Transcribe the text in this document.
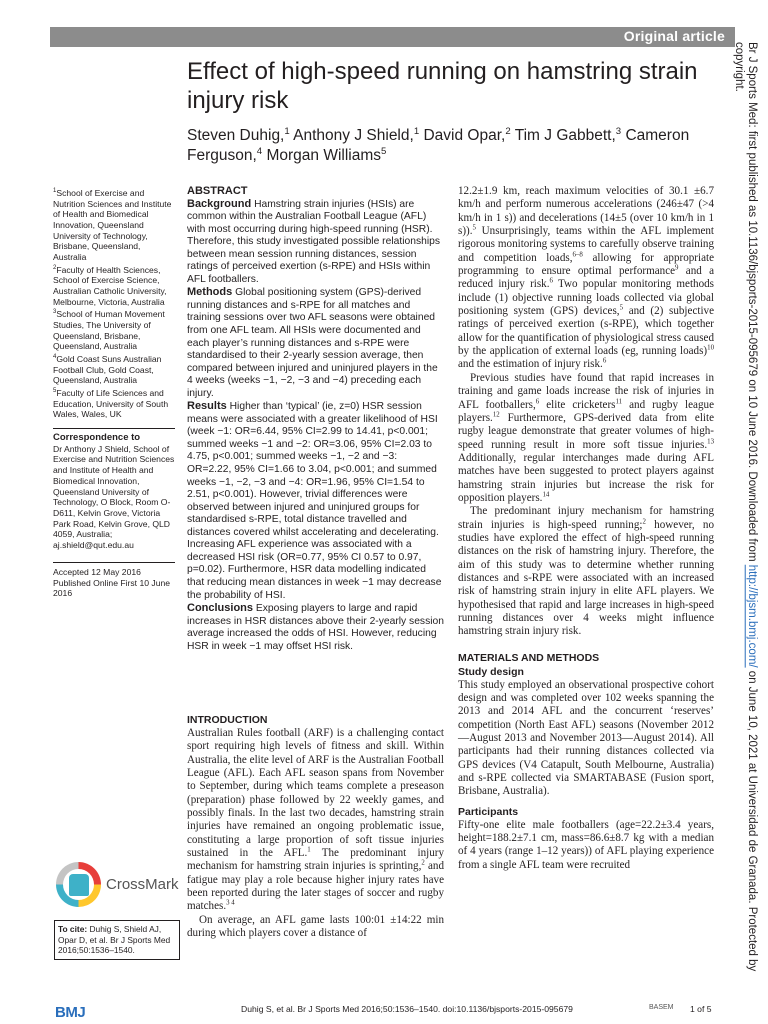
Original article
Effect of high-speed running on hamstring strain injury risk

Steven Duhig,$^1$ Anthony J Shield,$^1$ David Opar,$^2$ Tim J Gabbett,$^3$ Cameron Ferguson,$^4$ Morgan Williams$^5$

$^1$School of Exercise and Nutrition Sciences and Institute of Health and Biomedical Innovation, Queensland University of Technology, Brisbane, Queensland, Australia

$^2$Faculty of Health Sciences, School of Exercise Science, Australian Catholic University, Melbourne, Victoria, Australia

$^3$School of Human Movement Studies, The University of Queensland, Brisbane, Queensland, Australia

$^4$Gold Coast Suns Australian Football Club, Gold Coast, Queensland, Australia

$^5$Faculty of Life Sciences and Education, University of South Wales, Wales, UK

Correspondence to

Dr Anthony J Shield, School of Exercise and Nutrition Sciences and Institute of Health and Biomedical Innovation, Queensland University of Technology, O Block, Room O-D611, Kelvin Grove, Victoria Park Road, Kelvin Grove, QLD 4059, Australia; aj.shield@qut.edu.au

Accepted 12 May 2016

Published Online First 10 June 2016

CrossMark
To cite: Duhig S, Shield AJ, Opar D, et al. Br J Sports Med 2016;50:1536–1540.
BMJ

ABSTRACT

Background Hamstring strain injuries (HSIs) are common within the Australian Football League (AFL) with most occurring during high-speed running (HSR). Therefore, this study investigated possible relationships between mean session running distances, session ratings of perceived exertion (s-RPE) and HSIs within AFL footballers.

Methods Global positioning system (GPS)-derived running distances and s-RPE for all matches and training sessions over two AFL seasons were obtained from one AFL team. All HSIs were documented and each player’s running distances and s-RPE were standardised to their 2-yearly session average, then compared between injured and uninjured players in the 4 weeks (weeks −1, −2, −3 and −4) preceding each injury.

Results Higher than ‘typical’ (ie, z=0) HSR session means were associated with a greater likelihood of HSI (week −1: OR=6.44, 95% CI=2.99 to 14.41, p<0.001; summed weeks −1 and −2: OR=3.06, 95% CI=2.03 to 4.75, p<0.001; summed weeks −1, −2 and −3: OR=2.22, 95% CI=1.66 to 3.04, p<0.001; and summed weeks −1, −2, −3 and −4: OR=1.96, 95% CI=1.54 to 2.51, p<0.001). However, trivial differences were observed between injured and uninjured groups for standardised s-RPE, total distance travelled and distances covered whilst accelerating and decelerating. Increasing AFL experience was associated with a decreased HSI risk (OR=0.77, 95% CI 0.57 to 0.97, p=0.02). Furthermore, HSR data modelling indicated that reducing mean distances in week −1 may decrease the probability of HSI.

Conclusions Exposing players to large and rapid increases in HSR distances above their 2-yearly session average increased the odds of HSI. However, reducing HSR in week −1 may offset HSI risk.

INTRODUCTION

Australian Rules football (ARF) is a challenging contact sport requiring high levels of fitness and skill. Within Australia, the elite level of ARF is the Australian Football League (AFL). Each AFL season spans from November to September, during which teams complete a preseason (preparation) phase followed by 22 weekly games, and possibly finals. In the last two decades, hamstring strain injuries have remained an ongoing problematic issue, constituting a large proportion of soft tissue injuries sustained in the AFL.$^1$ The predominant injury mechanism for hamstring strain injuries is sprinting,$^2$ and fatigue may play a role because higher injury rates have been reported during the later stages of soccer and rugby matches.$^{3 4}$

On average, an AFL game lasts 100:01 ±14:22 min during which players cover a distance of

12.2±1.9 km, reach maximum velocities of 30.1 ±6.7 km/h and perform numerous accelerations (246±47 (>4 km/h in 1 s)) and decelerations (14±5 (over 10 km/h in 1 s)).$^5$ Unsurprisingly, teams within the AFL implement rigorous monitoring systems to carefully observe training and competition loads,$^{6-8}$ allowing for appropriate programming to ensure optimal performance$^9$ and a reduced injury risk.$^6$ Two popular monitoring methods include (1) objective running loads collected via global positioning system (GPS) devices,$^5$ and (2) subjective ratings of perceived exertion (s-RPE), which together allow for the quantification of physiological stress caused by the application of external loads (eg, running loads)$^{10}$ and the estimation of injury risk.$^6$

Previous studies have found that rapid increases in training and game loads increase the risk of injuries in AFL footballers,$^6$ elite cricketers$^{11}$ and rugby league players.$^{12}$ Furthermore, GPS-derived data from elite rugby league demonstrate that greater volumes of high-speed running result in more soft tissue injuries.$^{13}$ Additionally, regular interchanges made during AFL matches have been suggested to protect players against hamstring strain injuries but increase the risk for opposition players.$^{14}$

The predominant injury mechanism for hamstring strain injuries is high-speed running;$^2$ however, no studies have explored the effect of high-speed running distances on the risk of hamstring injury. Therefore, the aim of this study was to determine whether running distances and s-RPE were associated with an increased risk of hamstring strain injury in elite AFL players. We hypothesised that rapid and large increases in high-speed running distances over 4 weeks might influence hamstring strain injury risk.

MATERIALS AND METHODS

Study design

This study employed an observational prospective cohort design and was completed over 102 weeks spanning the 2013 and 2014 AFL and the concurrent ‘reserves’ competition (North East AFL) seasons (November 2012—August 2013 and November 2013—August 2014). All participants had their running distances collected via GPS devices (V4 Catapult, South Melbourne, Australia) and s-RPE collected via SMARTABASE (Fusion sport, Brisbane, Australia).

Participants

Fifty-one elite male footballers (age=22.2±3.4 years, height=188.2±7.1 cm, mass=86.6±8.7 kg with a median of 4 years (range 1–12 years)) of AFL playing experience from a single AFL team were recruited

Duhig S, et al. Br J Sports Med 2016;50:1536–1540. doi:10.1136/bjsports-2015-095679	BASEM 1 of 5
Br J Sports Med: first published as 10.1136/bjsports-2015-095679 on 10 June 2016. Downloaded from http://bjsm.bmj.com/ on June 10, 2021 at Universidad de Granada. Protected by copyright.
